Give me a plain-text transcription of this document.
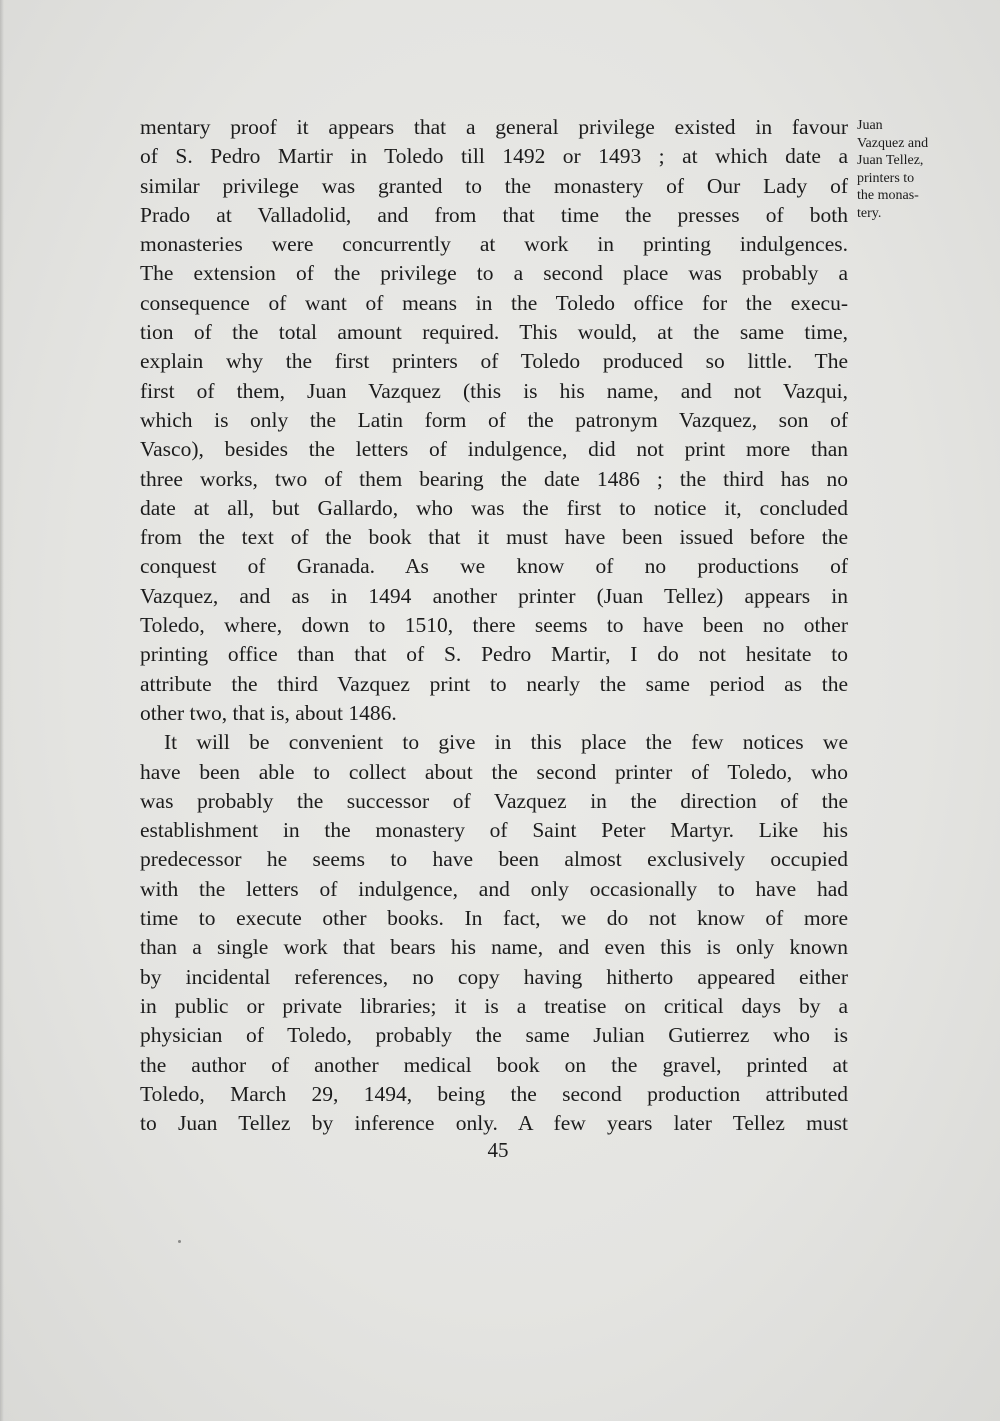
mentary proof it appears that a general privilege existed in favour
of S. Pedro Martir in Toledo till 1492 or 1493 ; at which date a
similar privilege was granted to the monastery of Our Lady of
Prado at Valladolid, and from that time the presses of both
monasteries were concurrently at work in printing indulgences.
The extension of the privilege to a second place was probably a
consequence of want of means in the Toledo office for the execu-
tion of the total amount required. This would, at the same time,
explain why the first printers of Toledo produced so little. The
first of them, Juan Vazquez (this is his name, and not Vazqui,
which is only the Latin form of the patronym Vazquez, son of
Vasco), besides the letters of indulgence, did not print more than
three works, two of them bearing the date 1486 ; the third has no
date at all, but Gallardo, who was the first to notice it, concluded
from the text of the book that it must have been issued before the
conquest of Granada. As we know of no productions of
Vazquez, and as in 1494 another printer (Juan Tellez) appears in
Toledo, where, down to 1510, there seems to have been no other
printing office than that of S. Pedro Martir, I do not hesitate to
attribute the third Vazquez print to nearly the same period as the
other two, that is, about 1486.
It will be convenient to give in this place the few notices we
have been able to collect about the second printer of Toledo, who
was probably the successor of Vazquez in the direction of the
establishment in the monastery of Saint Peter Martyr. Like his
predecessor he seems to have been almost exclusively occupied
with the letters of indulgence, and only occasionally to have had
time to execute other books. In fact, we do not know of more
than a single work that bears his name, and even this is only known
by incidental references, no copy having hitherto appeared either
in public or private libraries; it is a treatise on critical days by a
physician of Toledo, probably the same Julian Gutierrez who is
the author of another medical book on the gravel, printed at
Toledo, March 29, 1494, being the second production attributed
to Juan Tellez by inference only. A few years later Tellez must
Juan
Vazquez and
Juan Tellez,
printers to
the monas-
tery.
45
